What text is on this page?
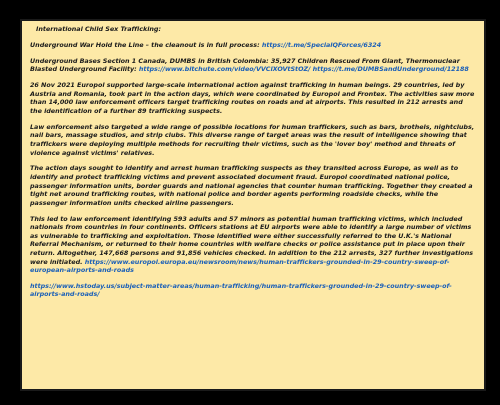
International Child Sex Trafficking:

Underground War Hold the Line – the cleanout is in full process: https://t.me/SpecialQForces/6324

Underground Bases Section 1 Canada, DUMBS in British Colombia: 35,927 Children Rescued From Giant, Thermonuclear Blasted Underground Facility: https://www.bitchute.com/video/VVClXOVtStOZ/ https://t.me/DUMBSandUnderground/12188

26 Nov 2021 Europol supported large-scale international action against trafficking in human beings. 29 countries, led by Austria and Romania, took part in the action days, which were coordinated by Europol and Frontex. The activities saw more than 14,000 law enforcement officers target trafficking routes on roads and at airports. This resulted in 212 arrests and the identification of a further 89 trafficking suspects.

Law enforcement also targeted a wide range of possible locations for human traffickers, such as bars, brothels, nightclubs, nail bars, massage studios, and strip clubs. This diverse range of target areas was the result of intelligence showing that traffickers were deploying multiple methods for recruiting their victims, such as the 'lover boy' method and threats of violence against victims' relatives.

The action days sought to identify and arrest human trafficking suspects as they transited across Europe, as well as to identify and protect trafficking victims and prevent associated document fraud. Europol coordinated national police, passenger information units, border guards and national agencies that counter human trafficking. Together they created a tight net around trafficking routes, with national police and border agents performing roadside checks, while the passenger information units checked airline passengers.

This led to law enforcement identifying 593 adults and 57 minors as potential human trafficking victims, which included nationals from countries in four continents. Officers stations at EU airports were able to identify a large number of victims as vulnerable to trafficking and exploitation. Those identified were either successfully referred to the U.K.'s National Referral Mechanism, or returned to their home countries with welfare checks or police assistance put in place upon their return. Altogether, 147,668 persons and 91,856 vehicles checked. In addition to the 212 arrests, 327 further investigations were initiated. https://www.europol.europa.eu/newsroom/news/human-traffickers-grounded-in-29-country-sweep-of-european-airports-and-roads

https://www.hstoday.us/subject-matter-areas/human-trafficking/human-traffickers-grounded-in-29-country-sweep-of-airports-and-roads/
